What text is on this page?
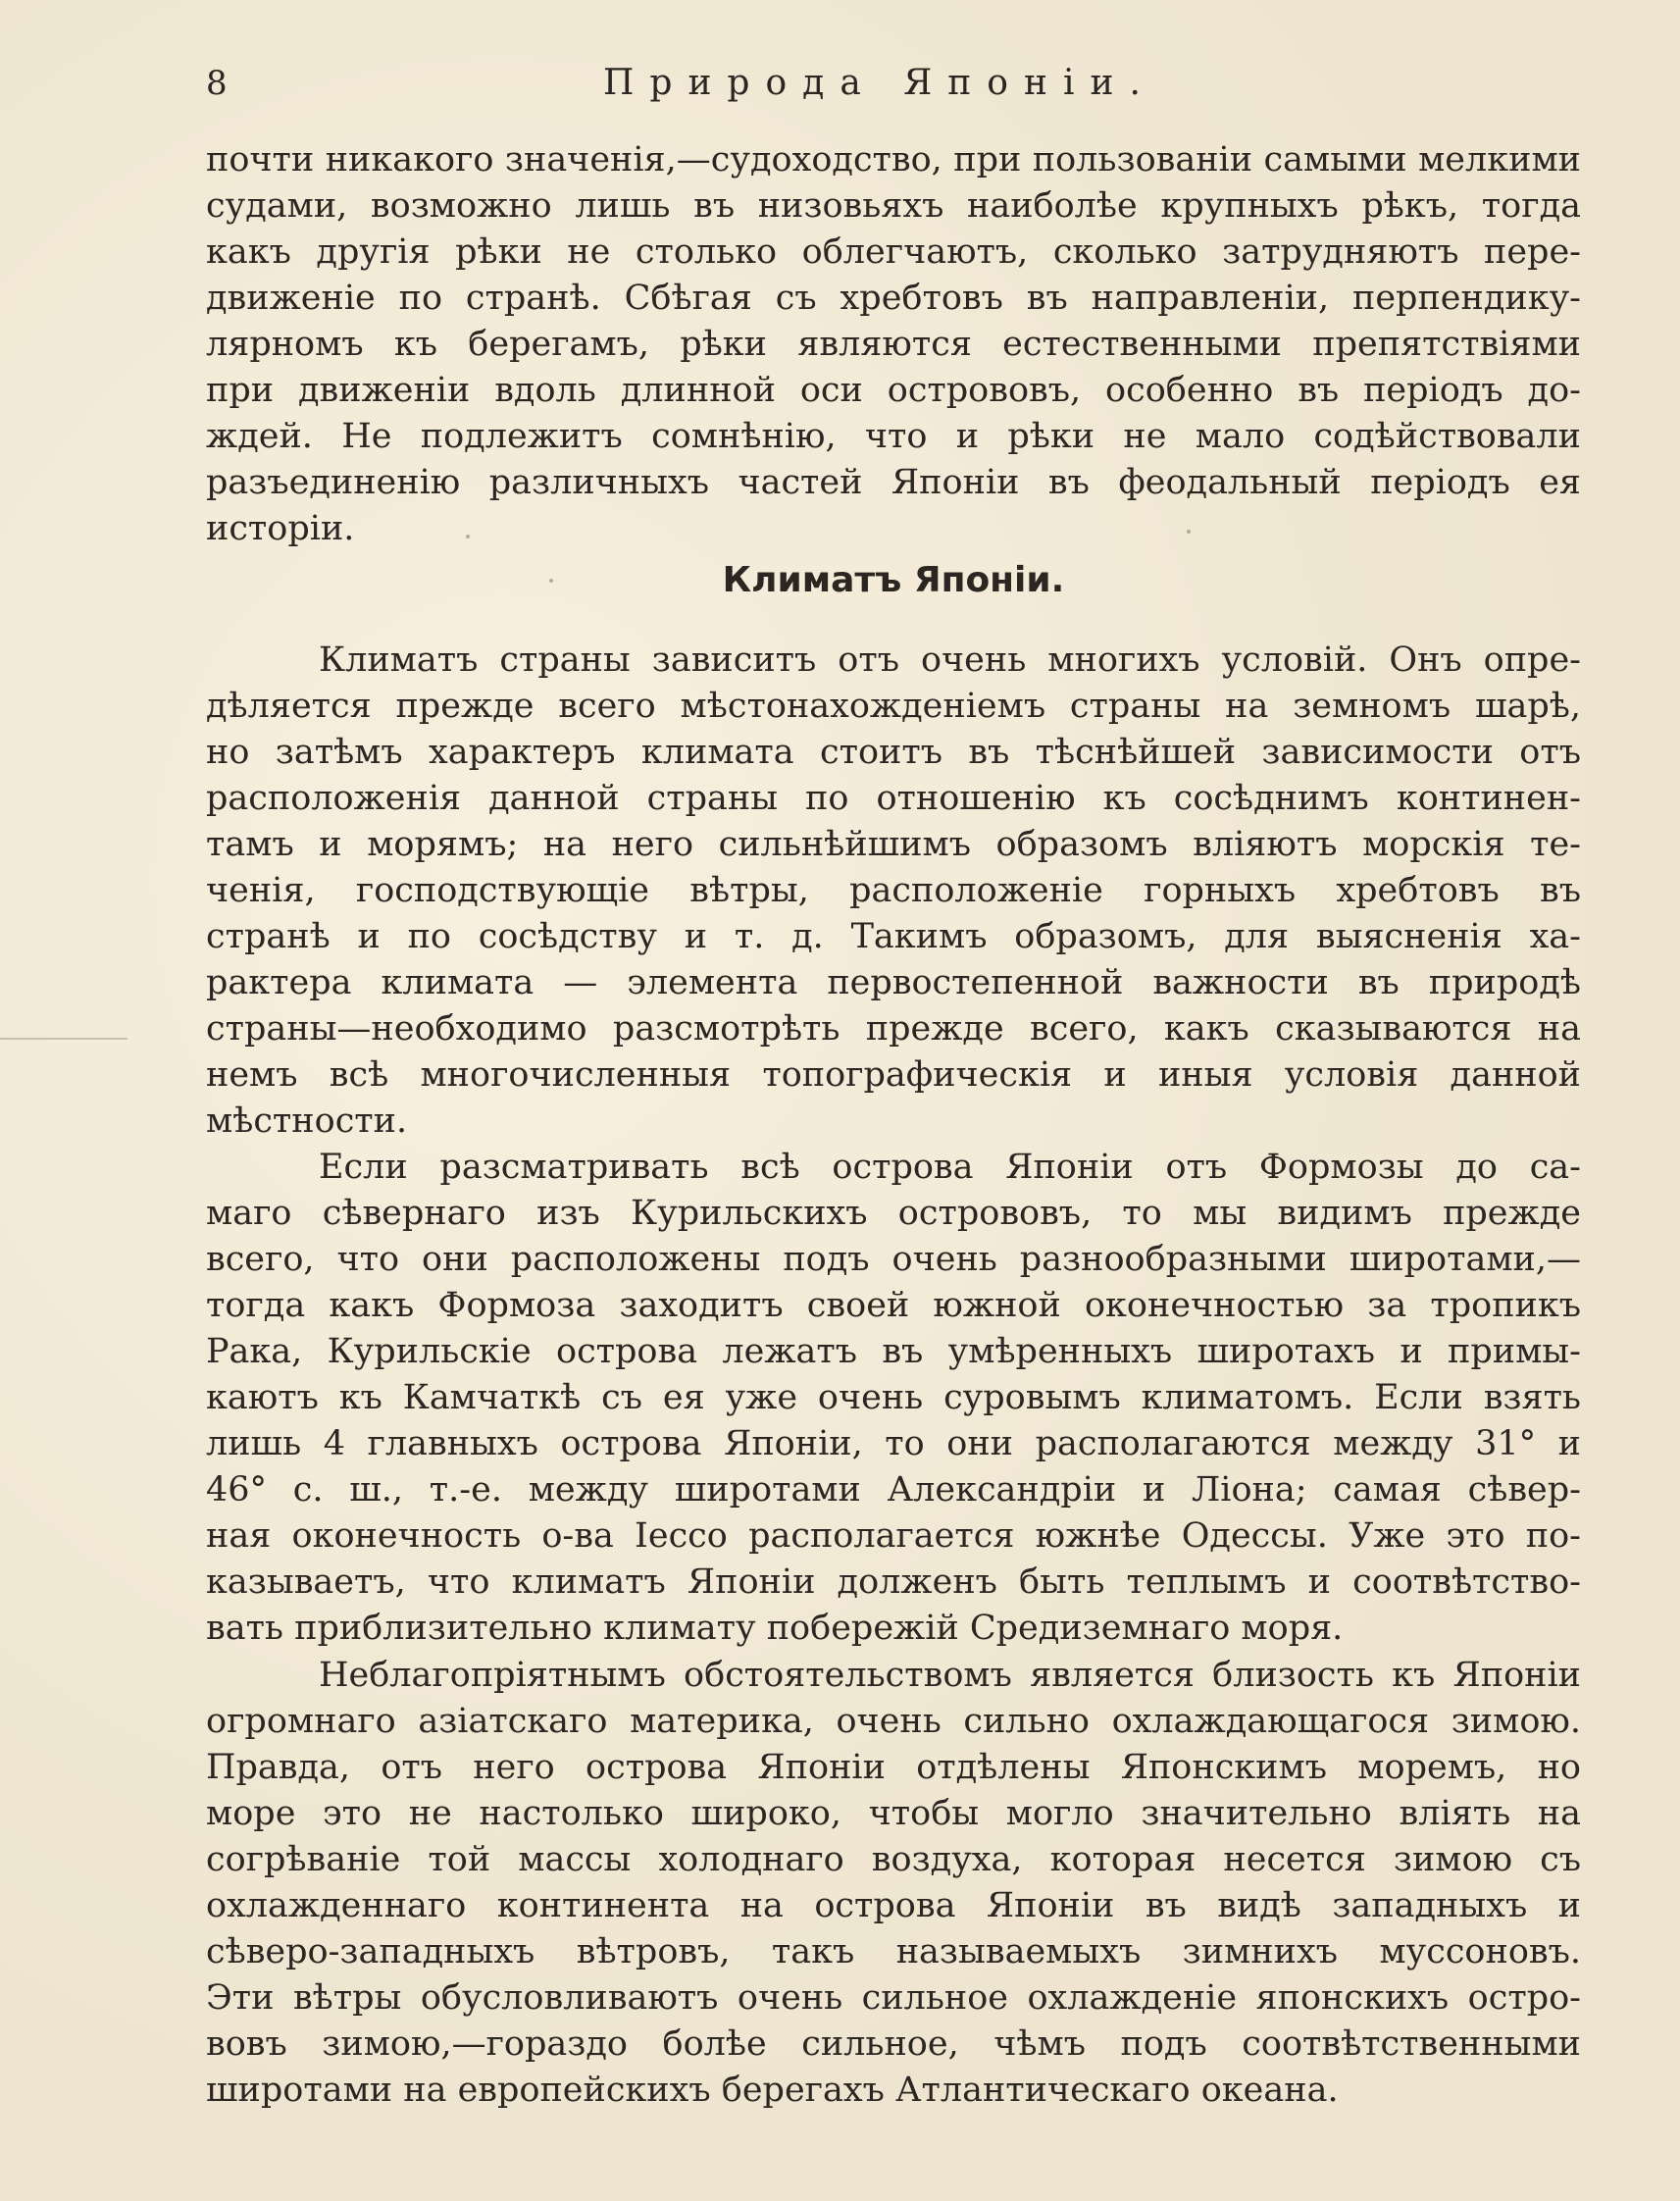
8	Природа Японіи.
почти никакого значенія,—судоходство, при пользованіи самыми мелкими
судами, возможно лишь въ низовьяхъ наиболѣе крупныхъ рѣкъ, тогда
какъ другія рѣки не столько облегчаютъ, сколько затрудняютъ пере-
движеніе по странѣ. Сбѣгая съ хребтовъ въ направленіи, перпендику-
лярномъ къ берегамъ, рѣки являются естественными препятствіями
при движеніи вдоль длинной оси острововъ, особенно въ періодъ до-
ждей. Не подлежитъ сомнѣнію, что и рѣки не мало содѣйствовали
разъединенію различныхъ частей Японіи въ феодальный періодъ ея
исторіи.
Климатъ Японіи.
Климатъ страны зависитъ отъ очень многихъ условій. Онъ опре-
дѣляется прежде всего мѣстонахожденіемъ страны на земномъ шарѣ,
но затѣмъ характеръ климата стоитъ въ тѣснѣйшей зависимости отъ
расположенія данной страны по отношенію къ сосѣднимъ континен-
тамъ и морямъ; на него сильнѣйшимъ образомъ вліяютъ морскія те-
ченія, господствующіе вѣтры, расположеніе горныхъ хребтовъ въ
странѣ и по сосѣдству и т. д. Такимъ образомъ, для выясненія ха-
рактера климата — элемента первостепенной важности въ природѣ
страны—необходимо разсмотрѣть прежде всего, какъ сказываются на
немъ всѣ многочисленныя топографическія и иныя условія данной
мѣстности.
Если разсматривать всѣ острова Японіи отъ Формозы до са-
маго сѣвернаго изъ Курильскихъ острововъ, то мы видимъ прежде
всего, что они расположены подъ очень разнообразными широтами,—
тогда какъ Формоза заходитъ своей южной оконечностью за тропикъ
Рака, Курильскіе острова лежатъ въ умѣренныхъ широтахъ и примы-
каютъ къ Камчаткѣ съ ея уже очень суровымъ климатомъ. Если взять
лишь 4 главныхъ острова Японіи, то они располагаются между 31° и
46° с. ш., т.-е. между широтами Александріи и Ліона; самая сѣвер-
ная оконечность о-ва Іессо располагается южнѣе Одессы. Уже это по-
казываетъ, что климатъ Японіи долженъ быть теплымъ и соотвѣтство-
вать приблизительно климату побережій Средиземнаго моря.
Неблагопріятнымъ обстоятельствомъ является близость къ Японіи
огромнаго азіатскаго материка, очень сильно охлаждающагося зимою.
Правда, отъ него острова Японіи отдѣлены Японскимъ моремъ, но
море это не настолько широко, чтобы могло значительно вліять на
согрѣваніе той массы холоднаго воздуха, которая несется зимою съ
охлажденнаго континента на острова Японіи въ видѣ западныхъ и
сѣверо-западныхъ вѣтровъ, такъ называемыхъ зимнихъ муссоновъ.
Эти вѣтры обусловливаютъ очень сильное охлажденіе японскихъ остро-
вовъ зимою,—гораздо болѣе сильное, чѣмъ подъ соотвѣтственными
широтами на европейскихъ берегахъ Атлантическаго океана.
